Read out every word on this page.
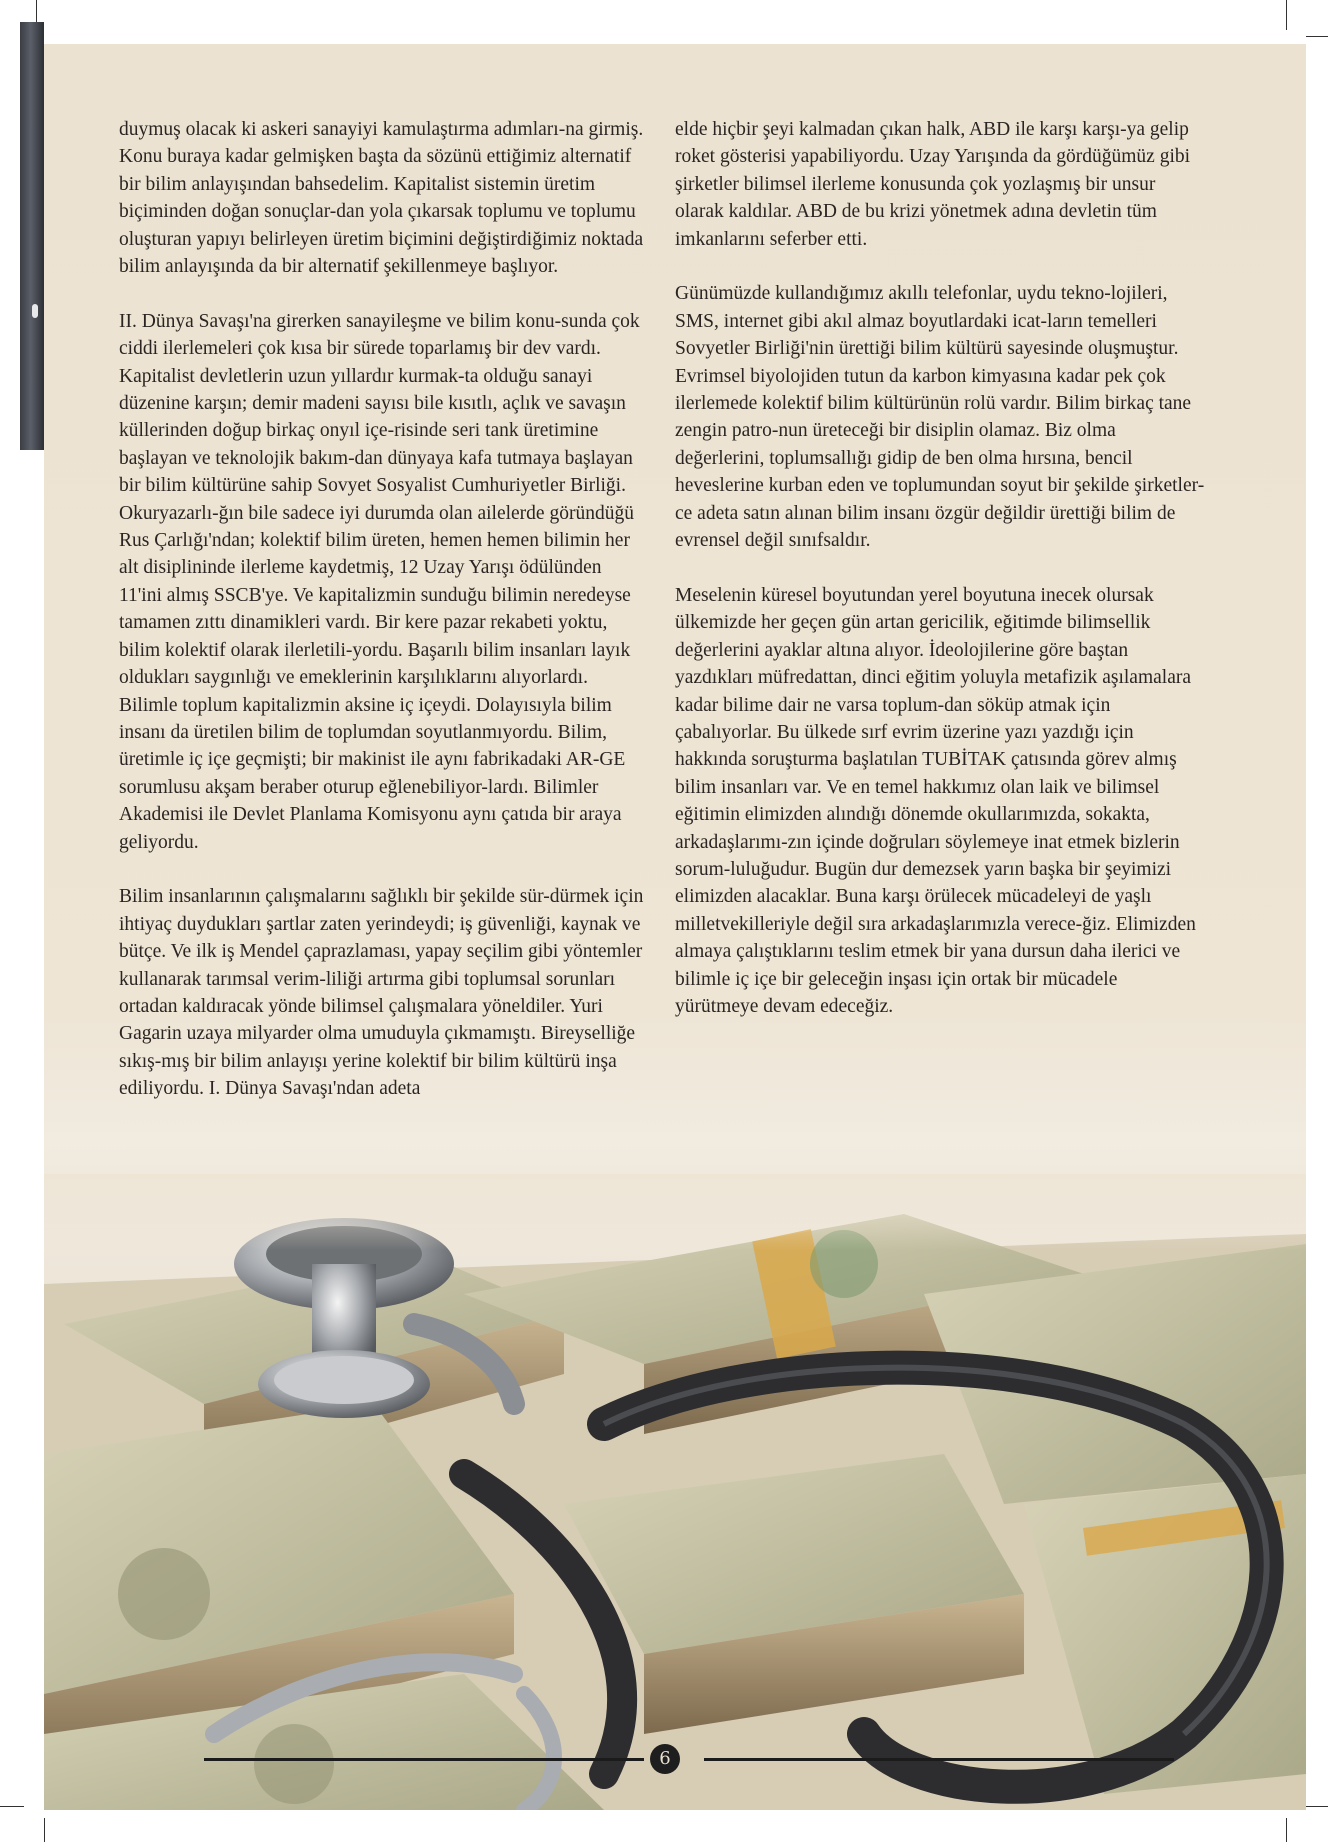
duymuş olacak ki askeri sanayiyi kamulaştırma adımları-na girmiş. Konu buraya kadar gelmişken başta da sözünü ettiğimiz alternatif bir bilim anlayışından bahsedelim. Kapitalist sistemin üretim biçiminden doğan sonuçlar-dan yola çıkarsak toplumu ve toplumu oluşturan yapıyı belirleyen üretim biçimini değiştirdiğimiz noktada bilim anlayışında da bir alternatif şekillenmeye başlıyor.

II. Dünya Savaşı'na girerken sanayileşme ve bilim konu-sunda çok ciddi ilerlemeleri çok kısa bir sürede toparlamış bir dev vardı. Kapitalist devletlerin uzun yıllardır kurmak-ta olduğu sanayi düzenine karşın; demir madeni sayısı bile kısıtlı, açlık ve savaşın küllerinden doğup birkaç onyıl içe-risinde seri tank üretimine başlayan ve teknolojik bakım-dan dünyaya kafa tutmaya başlayan bir bilim kültürüne sahip Sovyet Sosyalist Cumhuriyetler Birliği. Okuryazarlı-ğın bile sadece iyi durumda olan ailelerde göründüğü Rus Çarlığı'ndan; kolektif bilim üreten, hemen hemen bilimin her alt disiplininde ilerleme kaydetmiş, 12 Uzay Yarışı ödülünden 11'ini almış SSCB'ye. Ve kapitalizmin sunduğu bilimin neredeyse tamamen zıttı dinamikleri vardı. Bir kere pazar rekabeti yoktu, bilim kolektif olarak ilerletili-yordu. Başarılı bilim insanları layık oldukları saygınlığı ve emeklerinin karşılıklarını alıyorlardı. Bilimle toplum kapitalizmin aksine iç içeydi. Dolayısıyla bilim insanı da üretilen bilim de toplumdan soyutlanmıyordu. Bilim, üretimle iç içe geçmişti; bir makinist ile aynı fabrikadaki AR-GE sorumlusu akşam beraber oturup eğlenebiliyor-lardı. Bilimler Akademisi ile Devlet Planlama Komisyonu aynı çatıda bir araya geliyordu.

Bilim insanlarının çalışmalarını sağlıklı bir şekilde sür-dürmek için ihtiyaç duydukları şartlar zaten yerindeydi; iş güvenliği, kaynak ve bütçe. Ve ilk iş Mendel çaprazlaması, yapay seçilim gibi yöntemler kullanarak tarımsal verim-liliği artırma gibi toplumsal sorunları ortadan kaldıracak yönde bilimsel çalışmalara yöneldiler. Yuri Gagarin uzaya milyarder olma umuduyla çıkmamıştı. Bireyselliğe sıkış-mış bir bilim anlayışı yerine kolektif bir bilim kültürü inşa ediliyordu. I. Dünya Savaşı'ndan adeta

elde hiçbir şeyi kalmadan çıkan halk, ABD ile karşı karşı-ya gelip roket gösterisi yapabiliyordu. Uzay Yarışında da gördüğümüz gibi şirketler bilimsel ilerleme konusunda çok yozlaşmış bir unsur olarak kaldılar. ABD de bu krizi yönetmek adına devletin tüm imkanlarını seferber etti.

Günümüzde kullandığımız akıllı telefonlar, uydu tekno-lojileri, SMS, internet gibi akıl almaz boyutlardaki icat-ların temelleri Sovyetler Birliği'nin ürettiği bilim kültürü sayesinde oluşmuştur. Evrimsel biyolojiden tutun da karbon kimyasına kadar pek çok ilerlemede kolektif bilim kültürünün rolü vardır. Bilim birkaç tane zengin patro-nun üreteceği bir disiplin olamaz. Biz olma değerlerini, toplumsallığı gidip de ben olma hırsına, bencil heveslerine kurban eden ve toplumundan soyut bir şekilde şirketler-ce adeta satın alınan bilim insanı özgür değildir ürettiği bilim de evrensel değil sınıfsaldır.

Meselenin küresel boyutundan yerel boyutuna inecek olursak ülkemizde her geçen gün artan gericilik, eğitimde bilimsellik değerlerini ayaklar altına alıyor. İdeolojilerine göre baştan yazdıkları müfredattan, dinci eğitim yoluyla metafizik aşılamalara kadar bilime dair ne varsa toplum-dan söküp atmak için çabalıyorlar. Bu ülkede sırf evrim üzerine yazı yazdığı için hakkında soruşturma başlatılan TUBİTAK çatısında görev almış bilim insanları var. Ve en temel hakkımız olan laik ve bilimsel eğitimin elimizden alındığı dönemde okullarımızda, sokakta, arkadaşlarımı-zın içinde doğruları söylemeye inat etmek bizlerin sorum-luluğudur. Bugün dur demezsek yarın başka bir şeyimizi elimizden alacaklar. Buna karşı örülecek mücadeleyi de yaşlı milletvekilleriyle değil sıra arkadaşlarımızla verece-ğiz. Elimizden almaya çalıştıklarını teslim etmek bir yana dursun daha ilerici ve bilimle iç içe bir geleceğin inşası için ortak bir mücadele yürütmeye devam edeceğiz.

6
